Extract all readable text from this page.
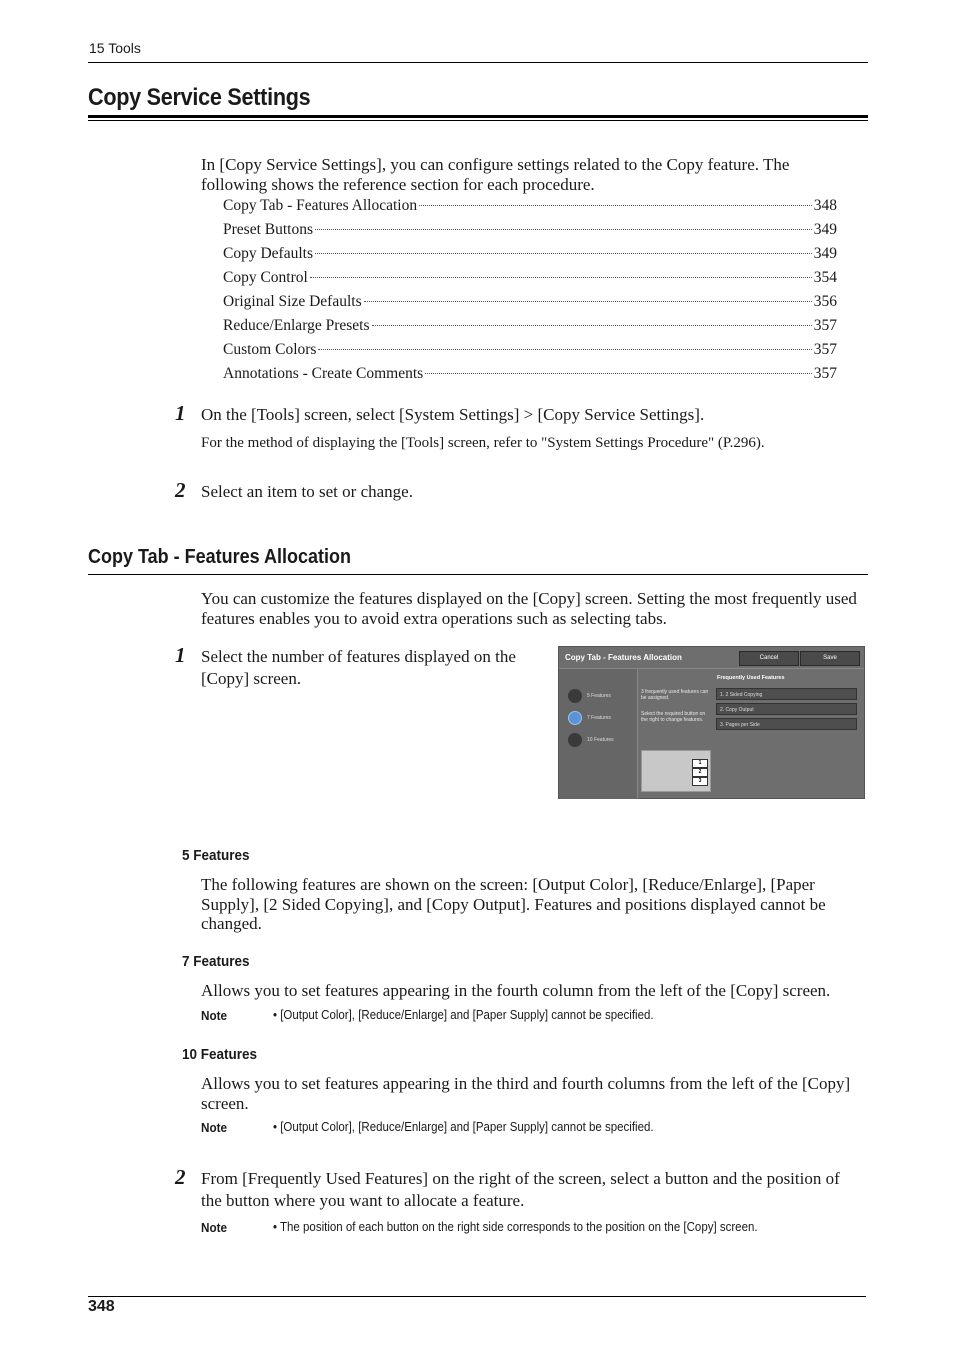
15 Tools
Copy Service Settings
In [Copy Service Settings], you can configure settings related to the Copy feature. The following shows the reference section for each procedure.
Copy Tab - Features Allocation	348
Preset Buttons	349
Copy Defaults	349
Copy Control	354
Original Size Defaults	356
Reduce/Enlarge Presets	357
Custom Colors	357
Annotations - Create Comments	357
1 On the [Tools] screen, select [System Settings] > [Copy Service Settings].
For the method of displaying the [Tools] screen, refer to "System Settings Procedure" (P.296).
2 Select an item to set or change.
Copy Tab - Features Allocation
You can customize the features displayed on the [Copy] screen. Setting the most frequently used features enables you to avoid extra operations such as selecting tabs.
1 Select the number of features displayed on the [Copy] screen.
Copy Tab - Features Allocation	Cancel	Save
5 Features
7 Features
10 Features
3 frequently used features can be assigned.
Select the required button on the right to change features.
1
2
3
Frequently Used Features
1. 2 Sided Copying
2. Copy Output
3. Pages per Side
5 Features
The following features are shown on the screen: [Output Color], [Reduce/Enlarge], [Paper Supply], [2 Sided Copying], and [Copy Output]. Features and positions displayed cannot be changed.
7 Features
Allows you to set features appearing in the fourth column from the left of the [Copy] screen.
Note	• [Output Color], [Reduce/Enlarge] and [Paper Supply] cannot be specified.
10 Features
Allows you to set features appearing in the third and fourth columns from the left of the [Copy] screen.
Note	• [Output Color], [Reduce/Enlarge] and [Paper Supply] cannot be specified.
2 From [Frequently Used Features] on the right of the screen, select a button and the position of the button where you want to allocate a feature.
Note	• The position of each button on the right side corresponds to the position on the [Copy] screen.
348
